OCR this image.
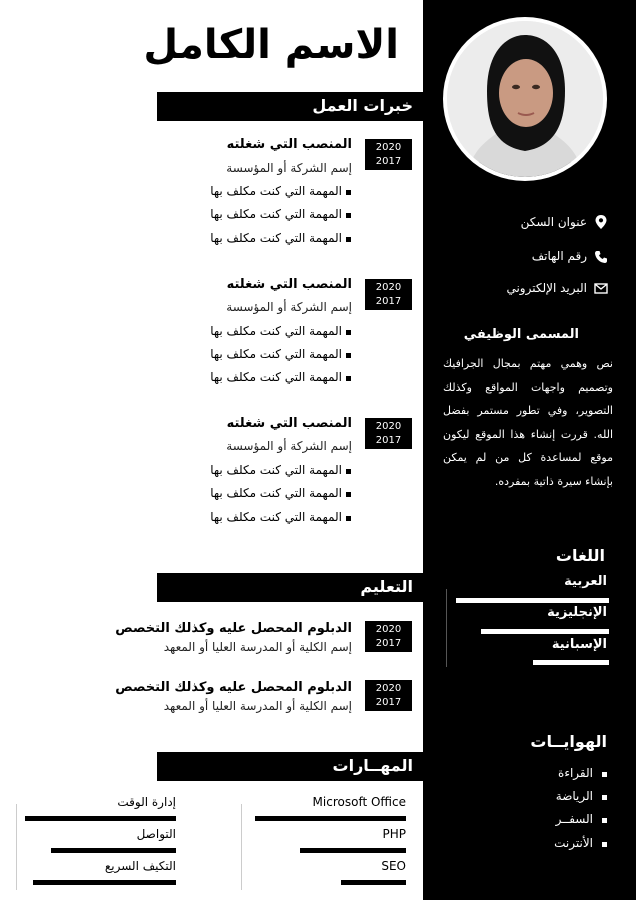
الاسم الكامل
خبرات العمل
2020
2017
المنصب التي شغلته
إسم الشركة أو المؤسسة
المهمة التي كنت مكلف بها
المهمة التي كنت مكلف بها
المهمة التي كنت مكلف بها
2020
2017
المنصب التي شغلته
إسم الشركة أو المؤسسة
المهمة التي كنت مكلف بها
المهمة التي كنت مكلف بها
المهمة التي كنت مكلف بها
2020
2017
المنصب التي شغلته
إسم الشركة أو المؤسسة
المهمة التي كنت مكلف بها
المهمة التي كنت مكلف بها
المهمة التي كنت مكلف بها
التعليم
2020
2017
الدبلوم المحصل عليه وكذلك التخصص
إسم الكلية أو المدرسة العليا أو المعهد
2020
2017
الدبلوم المحصل عليه وكذلك التخصص
إسم الكلية أو المدرسة العليا أو المعهد
المهــارات
إدارة الوقت
التواصل
التكيف السريع
Microsoft Office
PHP
SEO
عنوان السكن
رقم الهاتف
البريد الإلكتروني
المسمى الوظيفي
نص وهمي مهتم بمجال الجرافيك وتصميم واجهات المواقع وكذلك التصوير، وفي تطور مستمر بفضل الله. قررت إنشاء هذا الموقع ليكون موقع لمساعدة كل من لم يمكن بإنشاء سيرة ذاتية بمفرده.
اللغات
العربية
الإنجليزية
الإسبانية
الهوايــات
القراءة
الرياضة
السفــر
الأنترنت
